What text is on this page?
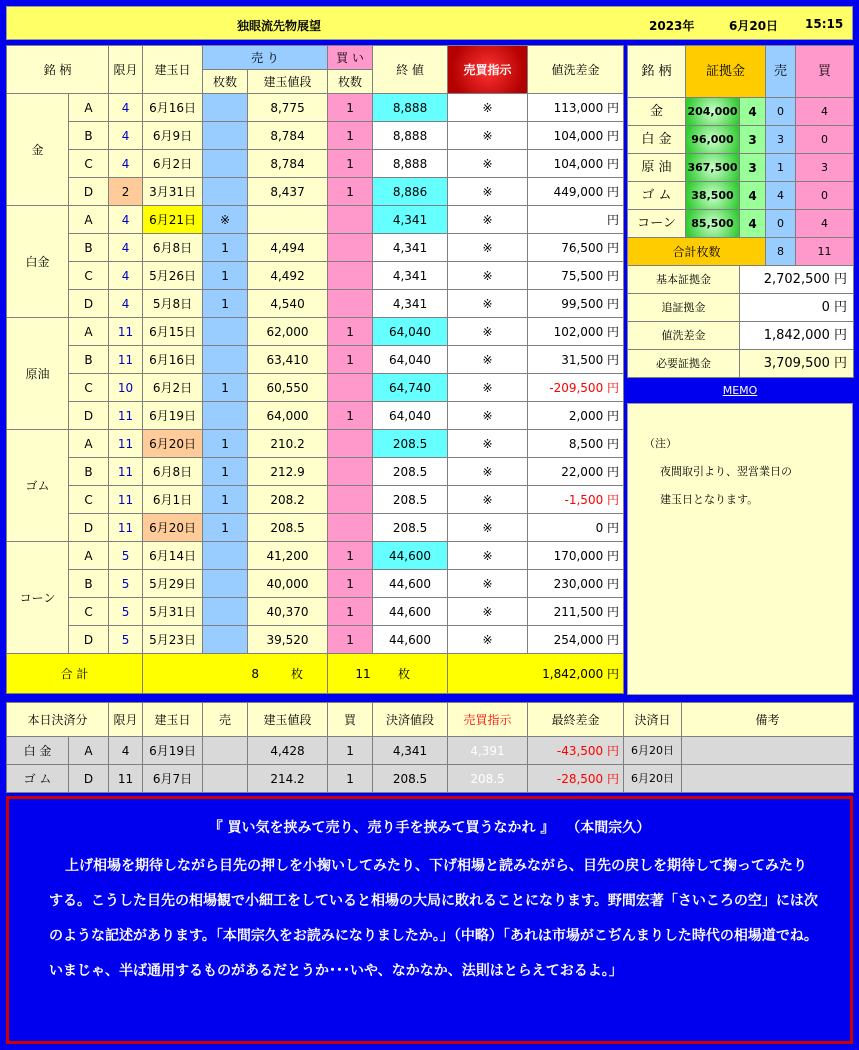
独眼流先物展望	2023年	6月20日 15:15
銘 柄		限月	建玉日	売 り		買 い	終 値	売買指示	値洗差金
				枚数	建玉値段	枚数			
金	A	4	6月16日		8,775	1	8,888	※	113,000 円
	B	4	6月9日		8,784	1	8,888	※	104,000 円
	C	4	6月2日		8,784	1	8,888	※	104,000 円
	D	2	3月31日		8,437	1	8,886	※	449,000 円
白金	A	4	6月21日	※			4,341	※	円
	B	4	6月8日	1	4,494		4,341	※	76,500 円
	C	4	5月26日	1	4,492		4,341	※	75,500 円
	D	4	5月8日	1	4,540		4,341	※	99,500 円
原油	A	11	6月15日		62,000	1	64,040	※	102,000 円
	B	11	6月16日		63,410	1	64,040	※	31,500 円
	C	10	6月2日	1	60,550		64,740	※	-209,500 円
	D	11	6月19日		64,000	1	64,040	※	2,000 円
ゴム	A	11	6月20日	1	210.2		208.5	※	8,500 円
	B	11	6月8日	1	212.9		208.5	※	22,000 円
	C	11	6月1日	1	208.2		208.5	※	-1,500 円
	D	11	6月20日	1	208.5		208.5	※	0 円
コーン	A	5	6月14日		41,200	1	44,600	※	170,000 円
	B	5	5月29日		40,000	1	44,600	※	230,000 円
	C	5	5月31日		40,370	1	44,600	※	211,500 円
	D	5	5月23日		39,520	1	44,600	※	254,000 円
合 計			8 枚			11 枚		1,842,000 円	
銘 柄	証拠金		売	買
金	204,000	4	0	4
白 金	96,000	3	3	0
原 油	367,500	3	1	3
ゴ ム	38,500	4	4	0
コーン	85,500	4	0	4
合計枚数			8	11
基本証拠金		2,702,500 円		
追証拠金		0 円		
値洗差金		1,842,000 円		
必要証拠金		3,709,500 円		
MEMO
（注）
夜間取引より、翌営業日の
建玉日となります。
本日決済分		限月	建玉日	売	建玉値段	買	決済値段	売買指示	最終差金	決済日	備考
白 金	A	4	6月19日		4,428	1	4,341	4,391	-43,500 円	6月20日	
ゴ ム	D	11	6月7日		214.2	1	208.5	208.5	-28,500 円	6月20日	
『 買い気を挟みて売り、売り手を挟みて買うなかれ 』　 （本間宗久）
上げ相場を期待しながら目先の押しを小掬いしてみたり、下げ相場と読みながら、目先の戻しを期待して掬ってみたりする。こうした目先の相場観で小細工をしていると相場の大局に敗れることになります。野間宏著「さいころの空」には次のような記述があります。「本間宗久をお読みになりましたか。」（中略）「あれは市場がこぢんまりした時代の相場道でね。いまじゃ、半ば通用するものがあるだとうか･･･いや、なかなか、法則はとらえておるよ。」
